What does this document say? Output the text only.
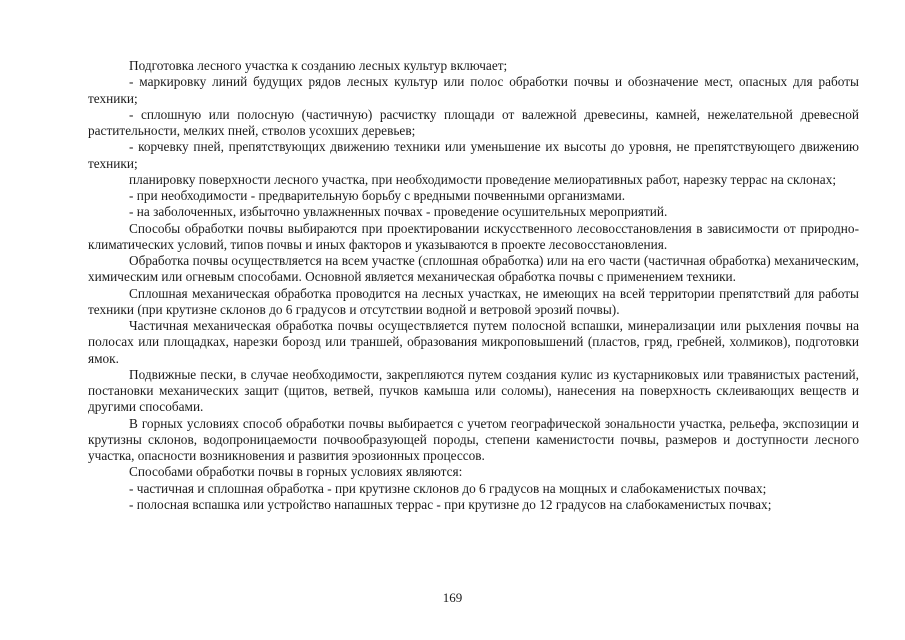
Подготовка лесного участка к созданию лесных культур включает;

- маркировку линий будущих рядов лесных культур или полос обработки почвы и обозначение мест, опасных для работы техники;

- сплошную или полосную (частичную) расчистку площади от валежной древесины, камней, нежелательной древесной растительности, мелких пней, стволов усохших деревьев;

- корчевку пней, препятствующих движению техники или уменьшение их высоты до уровня, не препятствующего движению техники;

планировку поверхности лесного участка, при необходимости проведение мелиоративных работ, нарезку террас на склонах;

- при необходимости - предварительную борьбу с вредными почвенными организмами.

- на заболоченных, избыточно увлажненных почвах - проведение осушительных мероприятий.

Способы обработки почвы выбираются при проектировании искусственного лесовосстановления в зависимости от природно-климатических условий, типов почвы и иных факторов и указываются в проекте лесовосстановления.

Обработка почвы осуществляется на всем участке (сплошная обработка) или на его части (частичная обработка) механическим, химическим или огневым способами. Основной является механическая обработка почвы с применением техники.

Сплошная механическая обработка проводится на лесных участках, не имеющих на всей территории препятствий для работы техники (при крутизне склонов до 6 градусов и отсутствии водной и ветровой эрозий почвы).

Частичная механическая обработка почвы осуществляется путем полосной вспашки, минерализации или рыхления почвы на полосах или площадках, нарезки борозд или траншей, образования микроповышений (пластов, гряд, гребней, холмиков), подготовки ямок.

Подвижные пески, в случае необходимости, закрепляются путем создания кулис из кустарниковых или травянистых растений, постановки механических защит (щитов, ветвей, пучков камыша или соломы), нанесения на поверхность склеивающих веществ и другими способами.

В горных условиях способ обработки почвы выбирается с учетом географической зональности участка, рельефа, экспозиции и крутизны склонов, водопроницаемости почвообразующей породы, степени каменистости почвы, размеров и доступности лесного участка, опасности возникновения и развития эрозионных процессов.

Способами обработки почвы в горных условиях являются:

- частичная и сплошная обработка - при крутизне склонов до 6 градусов на мощных и слабокаменистых почвах;

- полосная вспашка или устройство напашных террас - при крутизне до 12 градусов на слабокаменистых почвах;

169
